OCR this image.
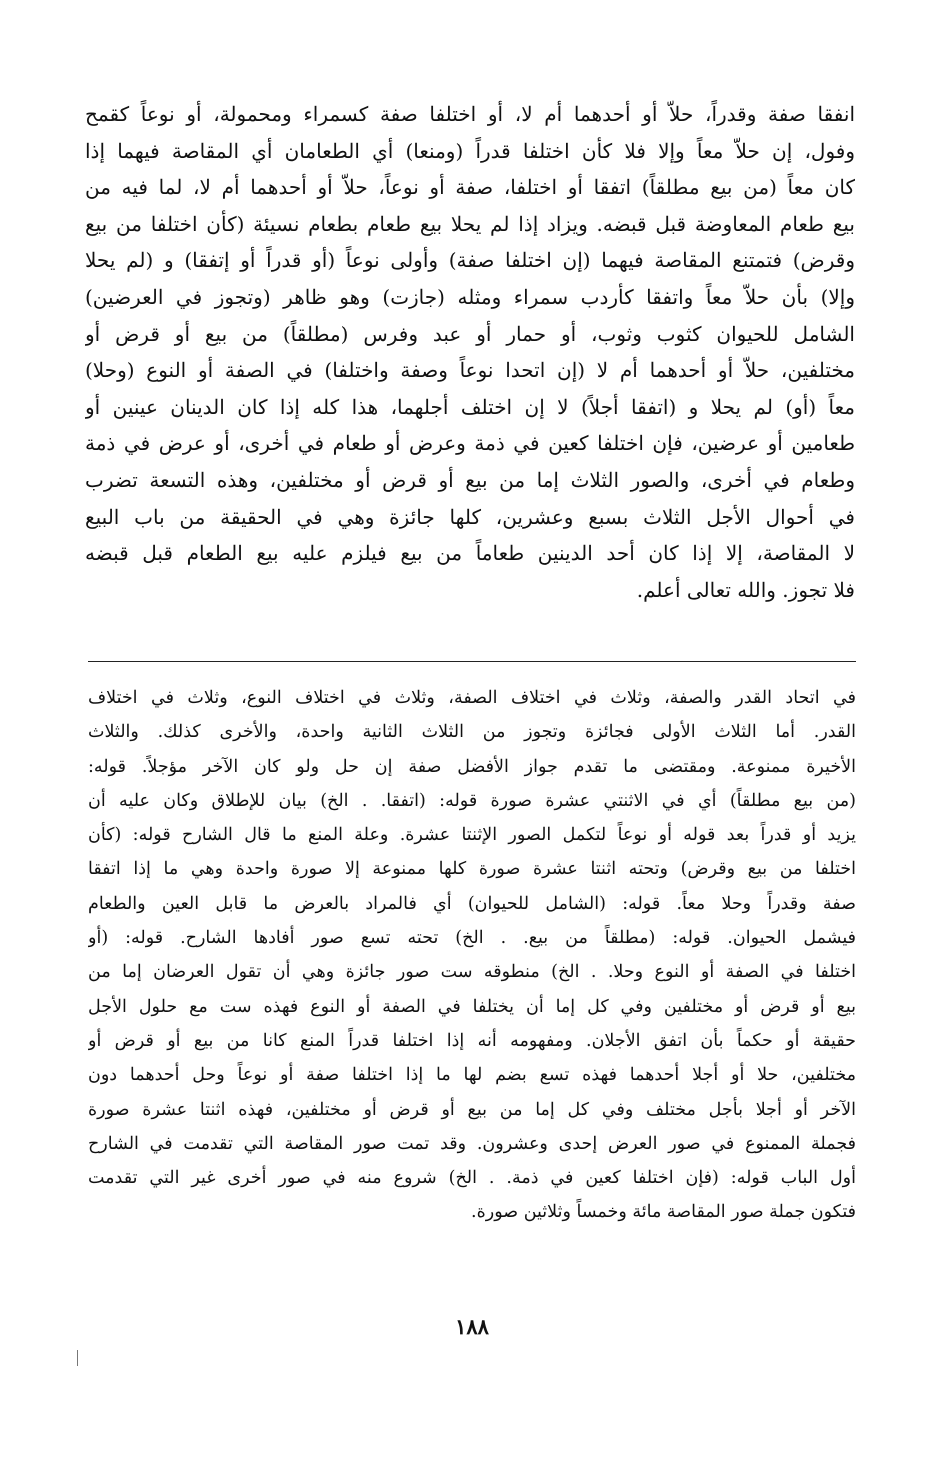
انفقا صفة وقدراً، حلاّ أو أحدهما أم لا، أو اختلفا صفة كسمراء ومحمولة، أو نوعاً كقمح
وفول، إن حلاّ معاً وإلا فلا كأن اختلفا قدراً (ومنعا) أي الطعامان أي المقاصة فيهما إذا
كان معاً (من بيع مطلقاً) اتفقا أو اختلفا، صفة أو نوعاً، حلاّ أو أحدهما أم لا، لما فيه من
بيع طعام المعاوضة قبل قبضه. ويزاد إذا لم يحلا بيع طعام بطعام نسيئة (كأن اختلفا من بيع
وقرض) فتمتنع المقاصة فيهما (إن اختلفا صفة) وأولى نوعاً (أو قدراً أو إتفقا) و (لم يحلا
وإلا) بأن حلاّ معاً واتفقا كأردب سمراء ومثله (جازت) وهو ظاهر (وتجوز في العرضين)
الشامل للحيوان كثوب وثوب، أو حمار أو عبد وفرس (مطلقاً) من بيع أو قرض أو
مختلفين، حلاّ أو أحدهما أم لا (إن اتحدا نوعاً وصفة واختلفا) في الصفة أو النوع (وحلا)
معاً (أو) لم يحلا و (اتفقا أجلاً) لا إن اختلف أجلهما، هذا كله إذا كان الدينان عينين أو
طعامين أو عرضين، فإن اختلفا كعين في ذمة وعرض أو طعام في أخرى، أو عرض في ذمة
وطعام في أخرى، والصور الثلاث إما من بيع أو قرض أو مختلفين، وهذه التسعة تضرب
في أحوال الأجل الثلاث بسبع وعشرين، كلها جائزة وهي في الحقيقة من باب البيع
لا المقاصة، إلا إذا كان أحد الدينين طعاماً من بيع فيلزم عليه بيع الطعام قبل قبضه
فلا تجوز. والله تعالى أعلم.

في اتحاد القدر والصفة، وثلاث في اختلاف الصفة، وثلاث في اختلاف النوع، وثلاث في اختلاف
القدر. أما الثلاث الأولى فجائزة وتجوز من الثلاث الثانية واحدة، والأخرى كذلك. والثلاث
الأخيرة ممنوعة. ومقتضى ما تقدم جواز الأفضل صفة إن حل ولو كان الآخر مؤجلاً. قوله:
(من بيع مطلقاً) أي في الاثنتي عشرة صورة قوله: (اتفقا. . الخ) بيان للإطلاق وكان عليه أن
يزيد أو قدراً بعد قوله أو نوعاً لتكمل الصور الإثنتا عشرة. وعلة المنع ما قال الشارح قوله: (كأن
اختلفا من بيع وقرض) وتحته اثنتا عشرة صورة كلها ممنوعة إلا صورة واحدة وهي ما إذا اتفقا
صفة وقدراً وحلا معاً. قوله: (الشامل للحيوان) أي فالمراد بالعرض ما قابل العين والطعام
فيشمل الحيوان. قوله: (مطلقاً من بيع. . الخ) تحته تسع صور أفادها الشارح. قوله: (أو
اختلفا في الصفة أو النوع وحلا. . الخ) منطوقه ست صور جائزة وهي أن تقول العرضان إما من
بيع أو قرض أو مختلفين وفي كل إما أن يختلفا في الصفة أو النوع فهذه ست مع حلول الأجل
حقيقة أو حكماً بأن اتفق الأجلان. ومفهومه أنه إذا اختلفا قدراً المنع كانا من بيع أو قرض أو
مختلفين، حلا أو أجلا أحدهما فهذه تسع بضم لها ما إذا اختلفا صفة أو نوعاً وحل أحدهما دون
الآخر أو أجلا بأجل مختلف وفي كل إما من بيع أو قرض أو مختلفين، فهذه اثنتا عشرة صورة
فجملة الممنوع في صور العرض إحدى وعشرون. وقد تمت صور المقاصة التي تقدمت في الشارح
أول الباب قوله: (فإن اختلفا كعين في ذمة. . الخ) شروع منه في صور أخرى غير التي تقدمت
فتكون جملة صور المقاصة مائة وخمساً وثلاثين صورة.
١٨٨
